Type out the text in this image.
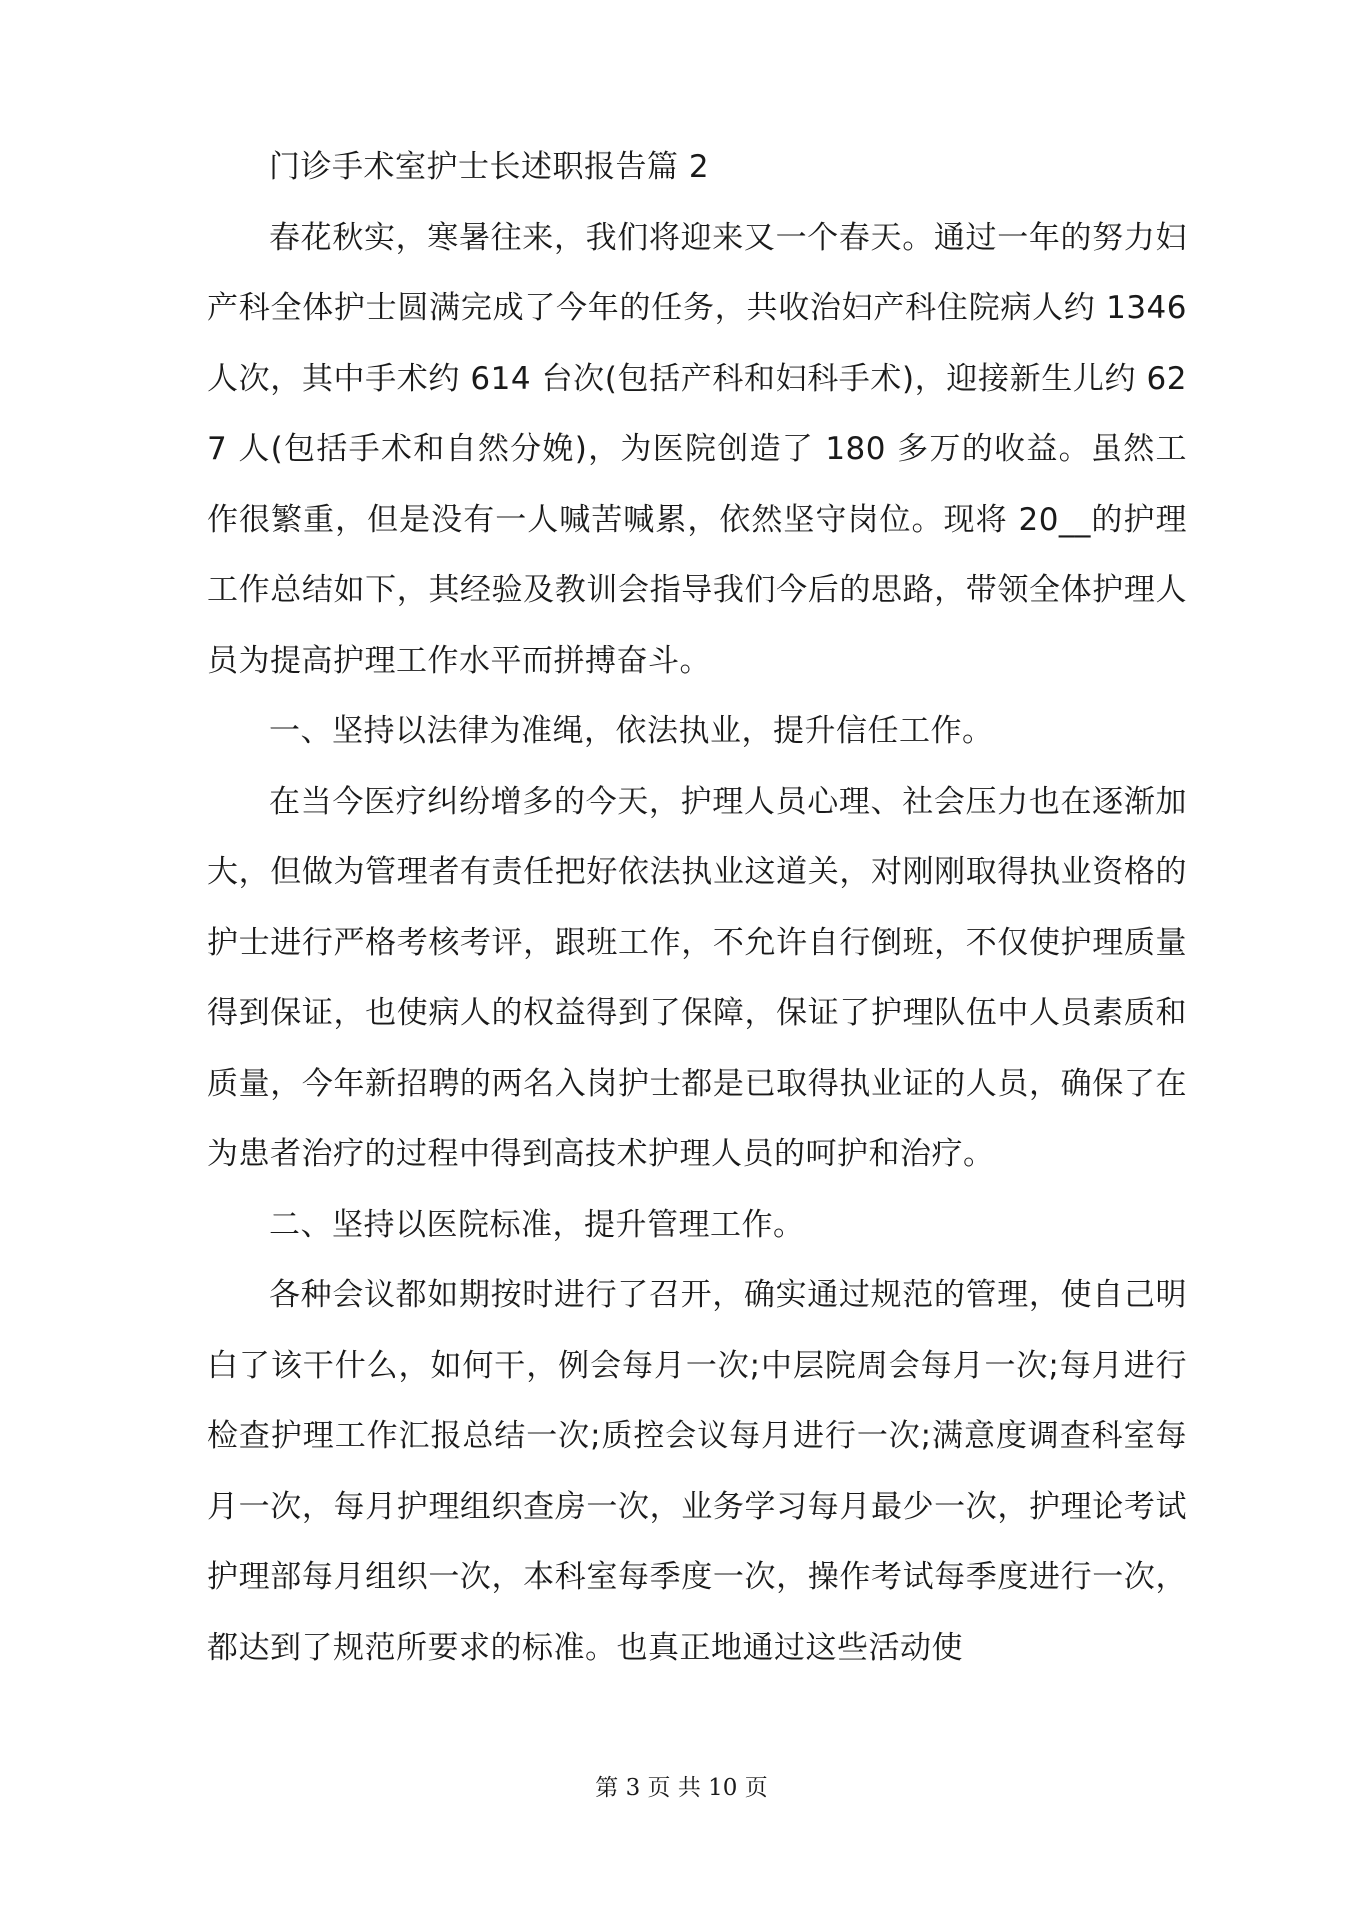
门诊手术室护士长述职报告篇 2

春花秋实，寒暑往来，我们将迎来又一个春天。通过一年的努力妇产科全体护士圆满完成了今年的任务，共收治妇产科住院病人约 1346 人次，其中手术约 614 台次(包括产科和妇科手术)，迎接新生儿约 627 人(包括手术和自然分娩)，为医院创造了 180 多万的收益。虽然工作很繁重，但是没有一人喊苦喊累，依然坚守岗位。现将 20__的护理工作总结如下，其经验及教训会指导我们今后的思路，带领全体护理人员为提高护理工作水平而拼搏奋斗。

一、坚持以法律为准绳，依法执业，提升信任工作。

在当今医疗纠纷增多的今天，护理人员心理、社会压力也在逐渐加大，但做为管理者有责任把好依法执业这道关，对刚刚取得执业资格的护士进行严格考核考评，跟班工作，不允许自行倒班，不仅使护理质量得到保证，也使病人的权益得到了保障，保证了护理队伍中人员素质和质量，今年新招聘的两名入岗护士都是已取得执业证的人员，确保了在为患者治疗的过程中得到高技术护理人员的呵护和治疗。

二、坚持以医院标准，提升管理工作。

各种会议都如期按时进行了召开，确实通过规范的管理，使自己明白了该干什么，如何干，例会每月一次;中层院周会每月一次;每月进行检查护理工作汇报总结一次;质控会议每月进行一次;满意度调查科室每月一次，每月护理组织查房一次，业务学习每月最少一次，护理论考试护理部每月组织一次，本科室每季度一次，操作考试每季度进行一次，都达到了规范所要求的标准。也真正地通过这些活动使

第 3 页 共 10 页
